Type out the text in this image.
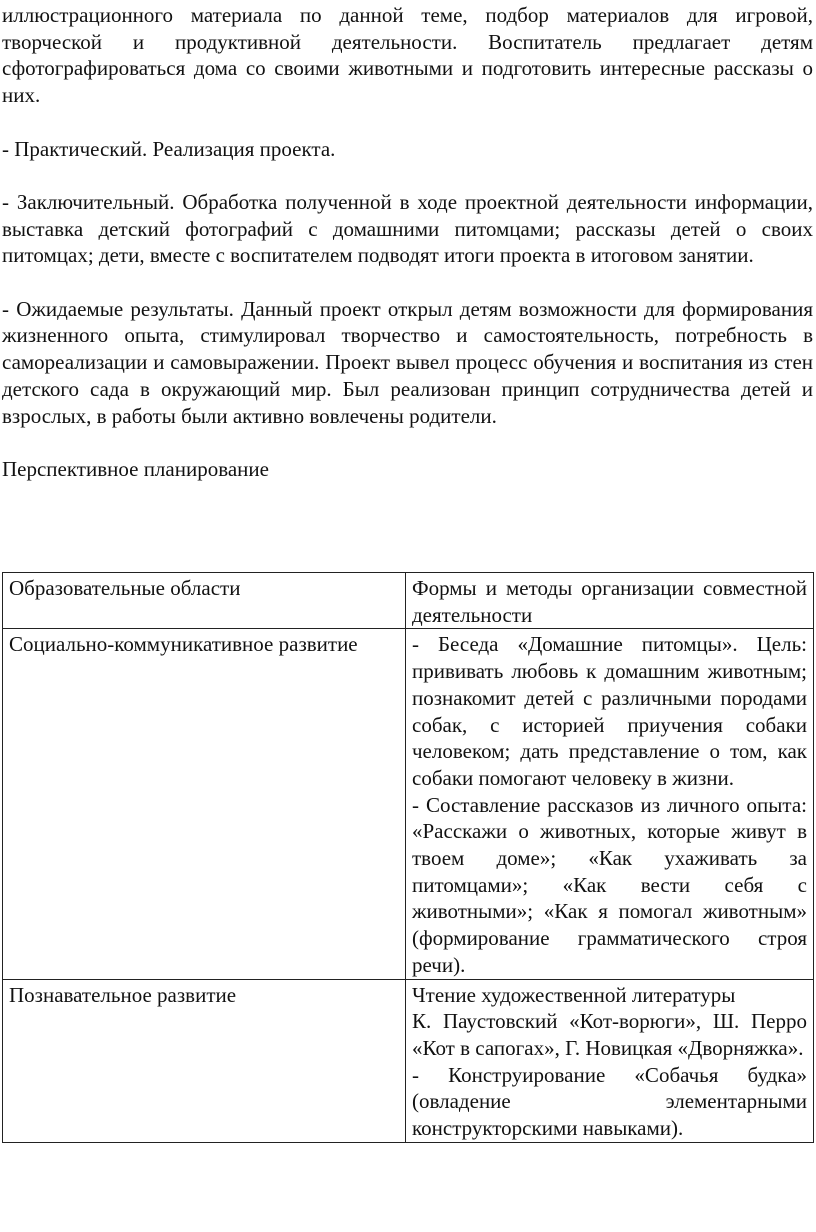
иллюстрационного материала по данной теме, подбор материалов для игровой, творческой и продуктивной деятельности. Воспитатель предлагает детям сфотографироваться дома со своими животными и подготовить интересные рассказы о них.

- Практический. Реализация проекта.

- Заключительный. Обработка полученной в ходе проектной деятельности информации, выставка детский фотографий с домашними питомцами; рассказы детей о своих питомцах; дети, вместе с воспитателем подводят итоги проекта в итоговом занятии.

- Ожидаемые результаты. Данный проект открыл детям возможности для формирования жизненного опыта, стимулировал творчество и самостоятельность, потребность в самореализации и самовыражении. Проект вывел процесс обучения и воспитания из стен детского сада в окружающий мир. Был реализован принцип сотрудничества детей и взрослых, в работы были активно вовлечены родители.

Перспективное планирование

Образовательные области	Формы и методы организации совместной деятельности
Социально-коммуникативное развитие	- Беседа «Домашние питомцы». Цель: прививать любовь к домашним животным; познакомит детей с различными породами собак, с историей приучения собаки человеком; дать представление о том, как собаки помогают человеку в жизни.
- Составление рассказов из личного опыта: «Расскажи о животных, которые живут в твоем доме»; «Как ухаживать за питомцами»; «Как вести себя с животными»; «Как я помогал животным» (формирование грамматического строя речи).

Познавательное развитие	Чтение художественной литературы
К. Паустовский «Кот-ворюги», Ш. Перро «Кот в сапогах», Г. Новицкая «Дворняжка».
- Конструирование «Собачья будка» (овладение элементарными конструкторскими навыками).
